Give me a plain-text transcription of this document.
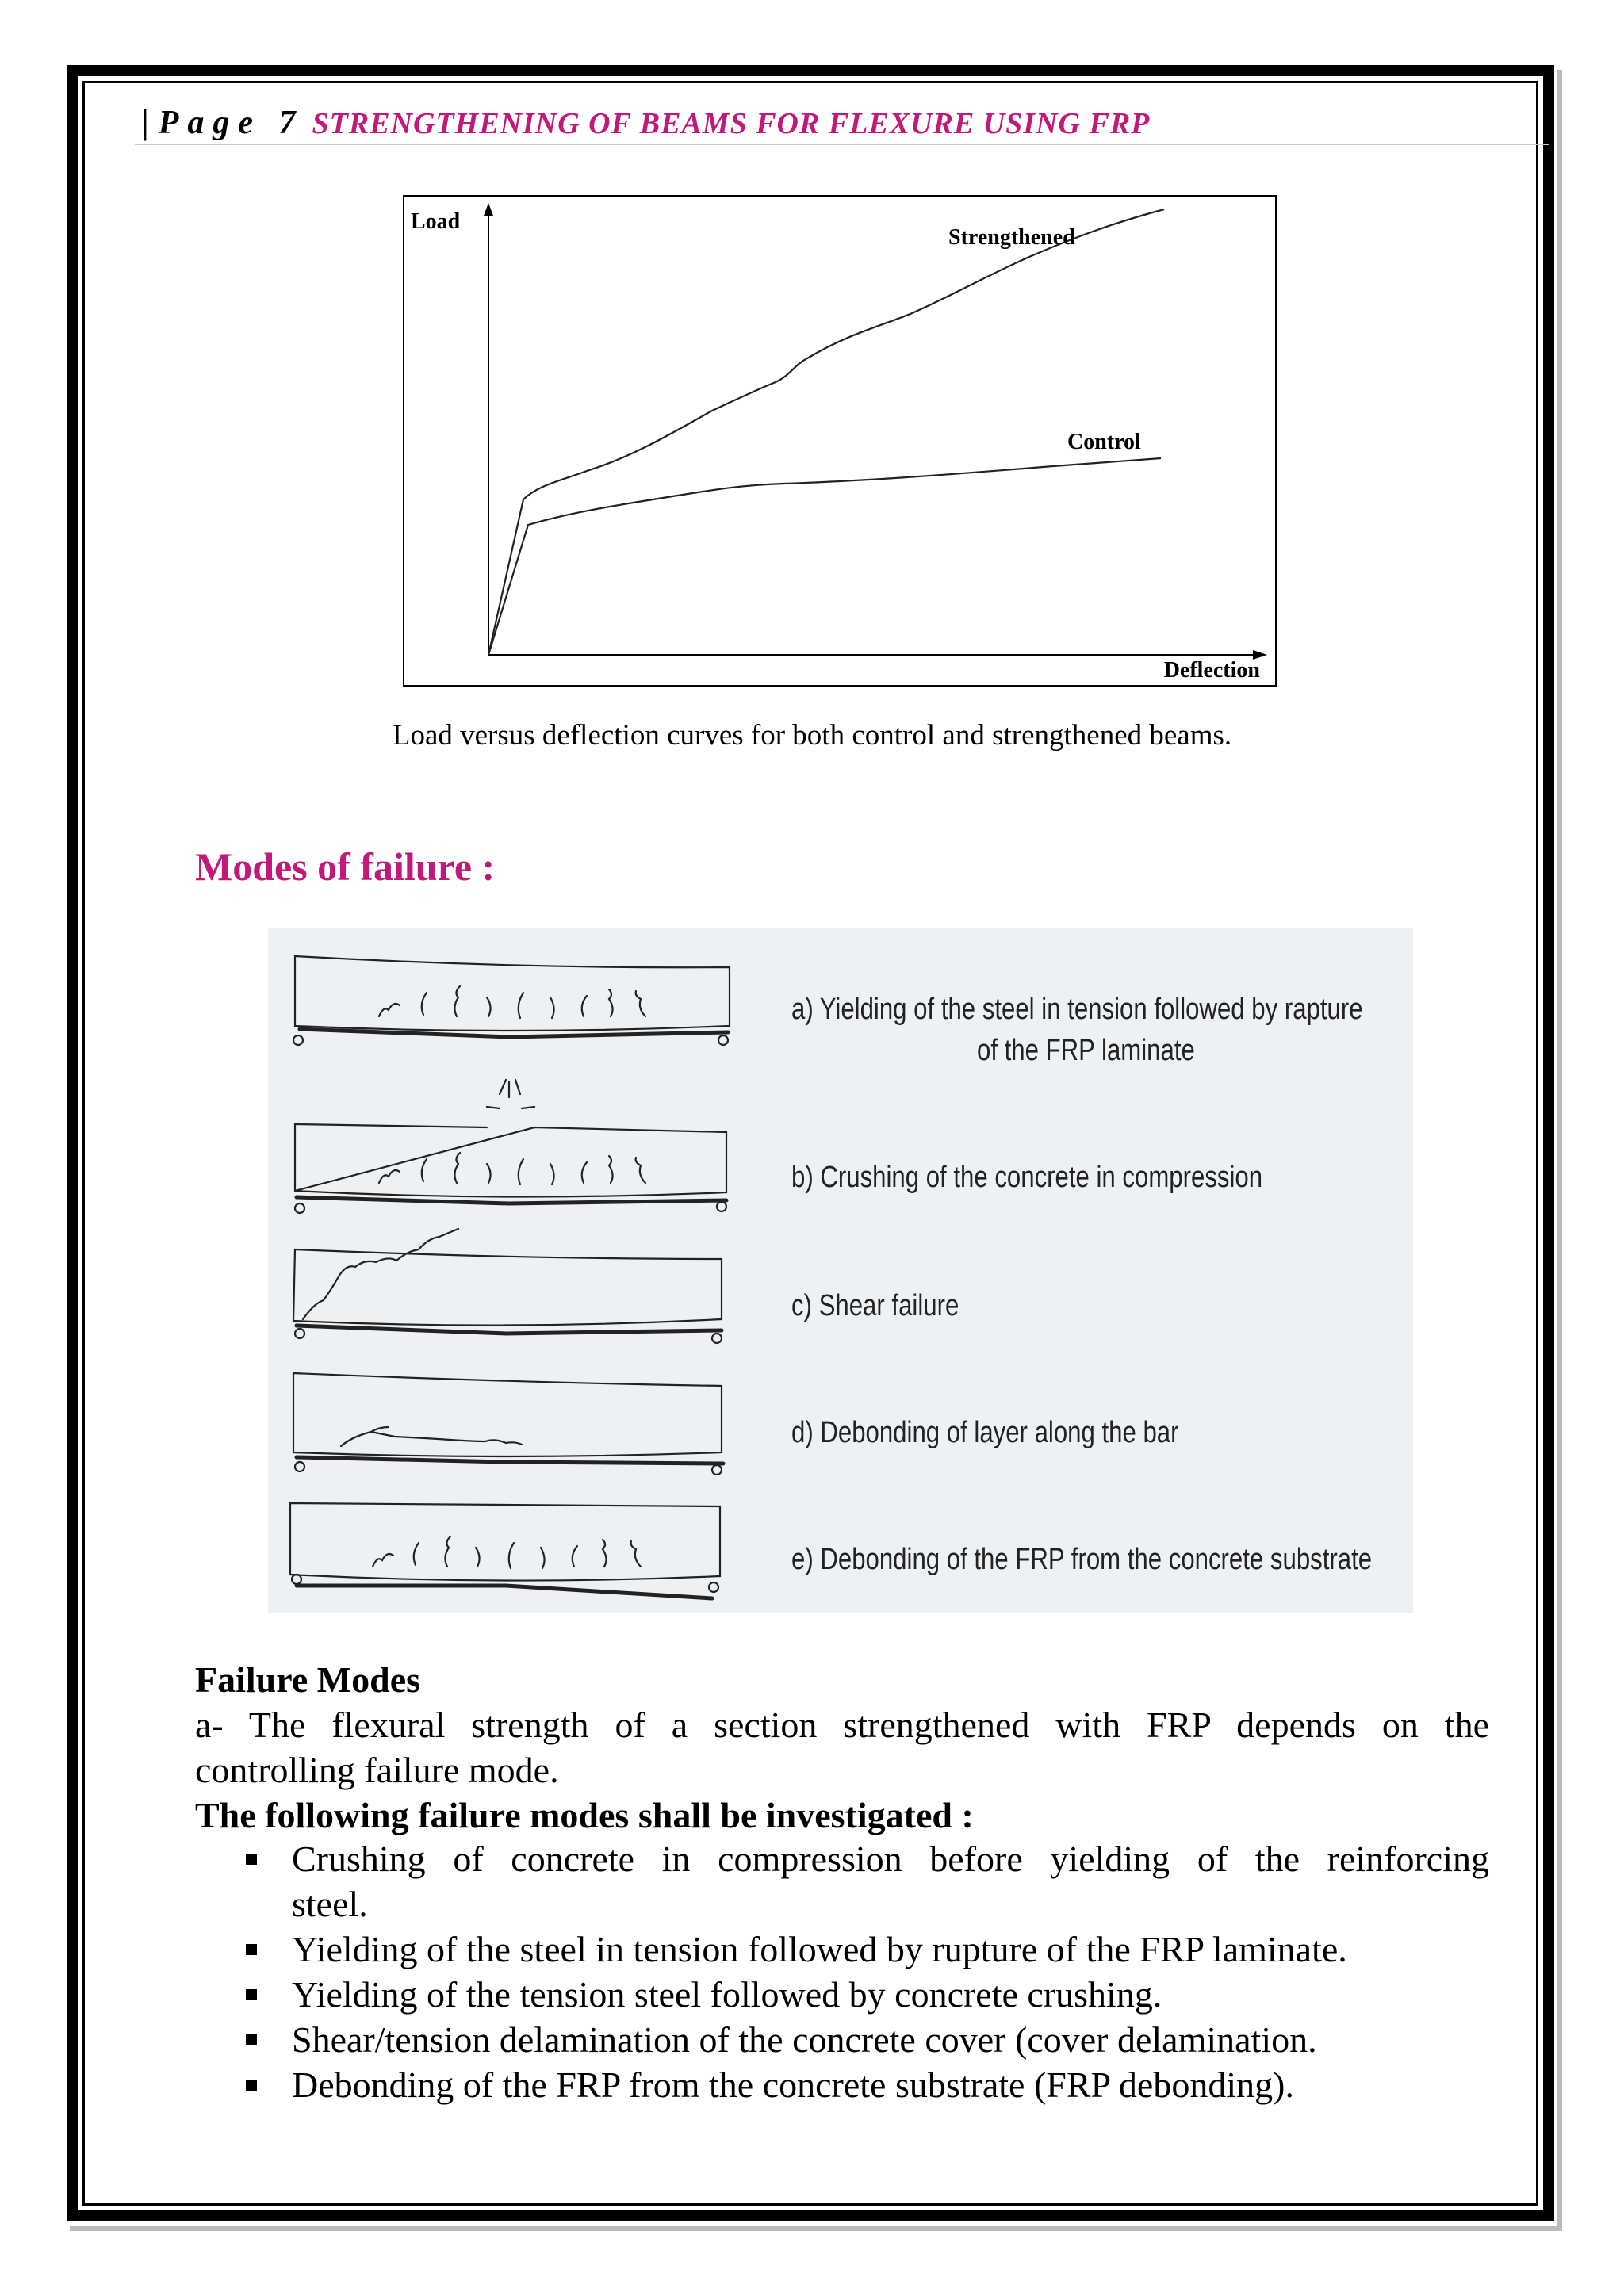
| Page 7 STRENGTHENING OF BEAMS FOR FLEXURE USING FRP
Load
Deflection
Strengthened
Control
Load versus deflection curves for both control and strengthened beams.
Modes of failure :
a) Yielding of the steel in tension followed by rapture
of the FRP laminate
b) Crushing of the concrete in compression
c) Shear failure
d) Debonding of layer along the bar
e) Debonding of the FRP from the concrete substrate
Failure Modes
a- The flexural strength of a section strengthened with FRP depends on the
controlling failure mode.
The following failure modes shall be investigated :
Crushing of concrete in compression before yielding of the reinforcing
steel.
Yielding of the steel in tension followed by rupture of the FRP laminate.
Yielding of the tension steel followed by concrete crushing.
Shear/tension delamination of the concrete cover (cover delamination.
Debonding of the FRP from the concrete substrate (FRP debonding).
